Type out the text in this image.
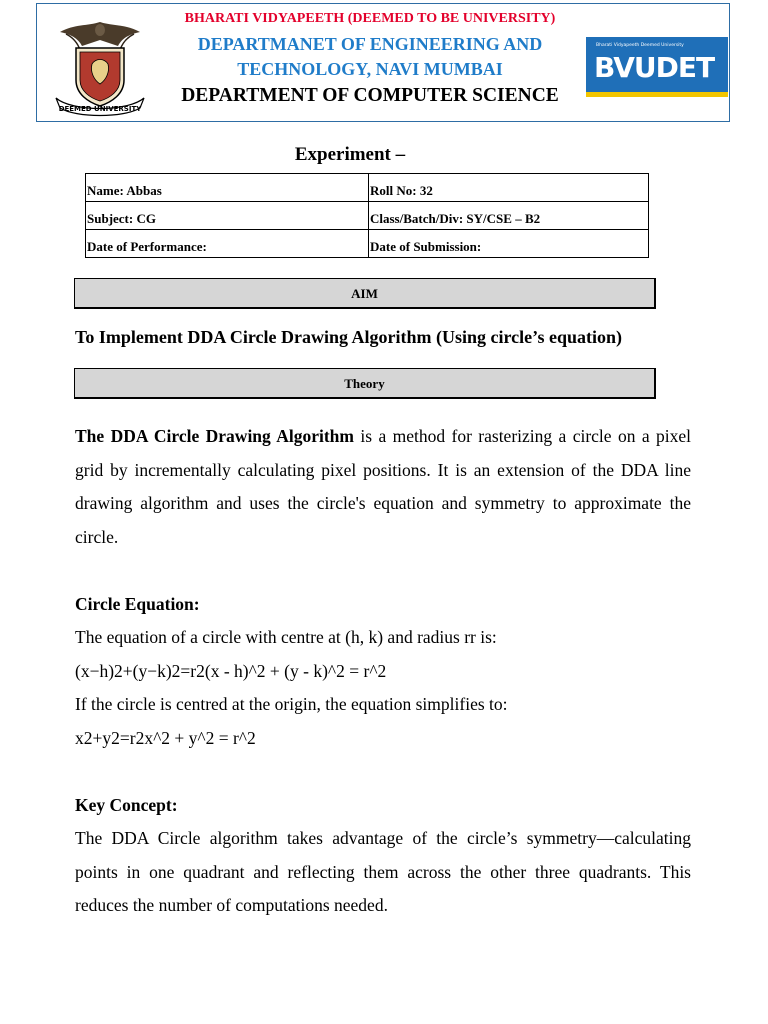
DEEMED UNIVERSITY
BHARATI VIDYAPEETH (DEEMED TO BE UNIVERSITY)
DEPARTMANET OF ENGINEERING AND
TECHNOLOGY, NAVI MUMBAI
DEPARTMENT OF COMPUTER SCIENCE
Bharati Vidyapeeth Deemed University
BVUDET
Experiment –
Name: Abbas	Roll No: 32
Subject: CG	Class/Batch/Div: SY/CSE – B2
Date of Performance:	Date of Submission:
AIM
To Implement DDA Circle Drawing Algorithm (Using circle’s equation)
Theory
The DDA Circle Drawing Algorithm is a method for rasterizing a circle on a pixel grid by incrementally calculating pixel positions. It is an extension of the DDA line drawing algorithm and uses the circle's equation and symmetry to approximate the circle.
Circle Equation:
The equation of a circle with centre at (h, k) and radius rr is:
(x−h)2+(y−k)2=r2(x - h)^2 + (y - k)^2 = r^2
If the circle is centred at the origin, the equation simplifies to:
x2+y2=r2x^2 + y^2 = r^2
Key Concept:
The DDA Circle algorithm takes advantage of the circle’s symmetry—calculating points in one quadrant and reflecting them across the other three quadrants. This reduces the number of computations needed.
